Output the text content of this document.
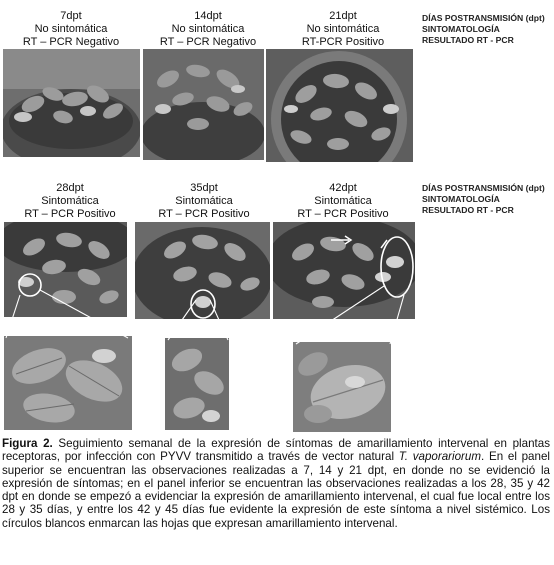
7dpt
No sintomática
RT – PCR Negativo
14dpt
No sintomática
RT – PCR Negativo
21dpt
No sintomática
RT-PCR Positivo
DÍAS POSTRANSMISIÓN (dpt)
SINTOMATOLOGÍA
RESULTADO RT - PCR
28dpt
Sintomática
RT – PCR Positivo
35dpt
Sintomática
RT – PCR Positivo
42dpt
Sintomática
RT – PCR Positivo
DÍAS POSTRANSMISIÓN (dpt)
SINTOMATOLOGÍA
RESULTADO RT - PCR
Figura 2. Seguimiento semanal de la expresión de síntomas de amarillamiento intervenal en plantas receptoras, por infección con PYVV transmitido a través de vector natural T. vaporariorum. En el panel superior se encuentran las observaciones realizadas a 7, 14 y 21 dpt, en donde no se evidenció la expresión de síntomas; en el panel inferior se encuentran las observaciones realizadas a los 28, 35 y 42 dpt en donde se empezó a evidenciar la expresión de amarillamiento intervenal, el cual fue local entre los 28 y 35 días, y entre los 42 y 45 días fue evidente la expresión de este síntoma a nivel sistémico. Los círculos blancos enmarcan las hojas que expresan amarillamiento intervenal.
